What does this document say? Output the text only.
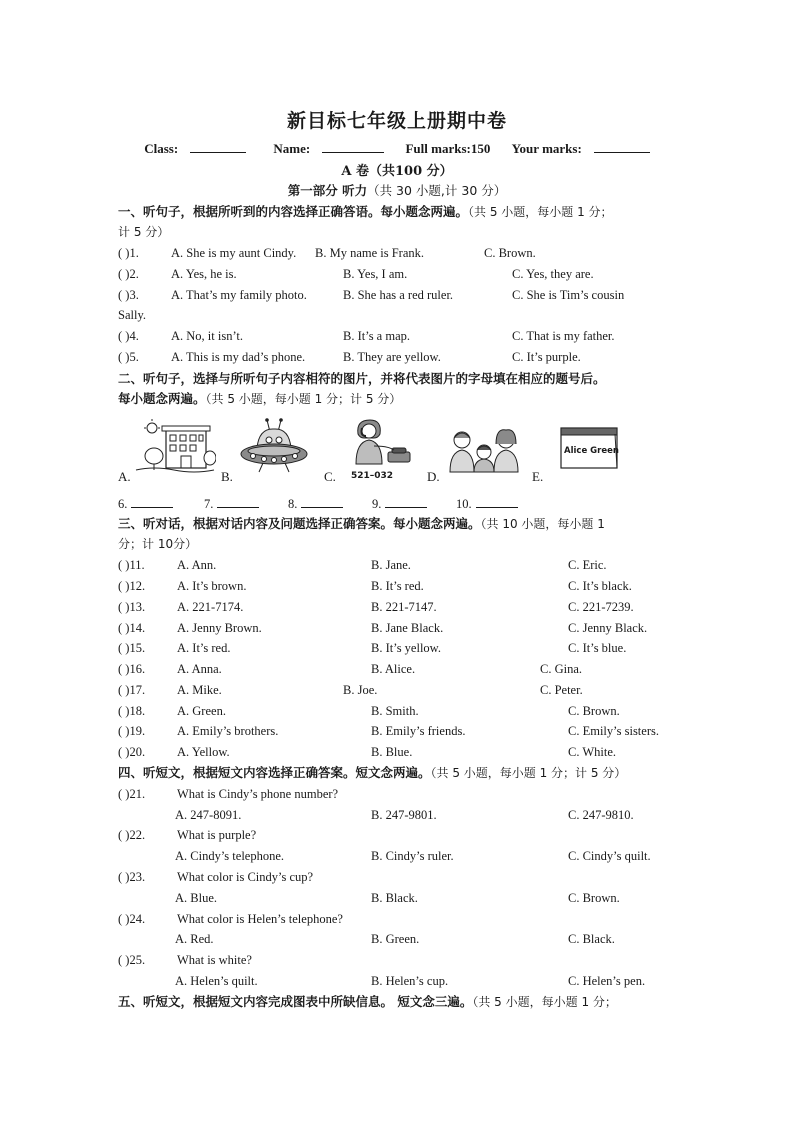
新目标七年级上册期中卷
Class:	Name:	Full marks:150 Your marks:
A 卷（共100 分）
第一部分 听力（共 30 小题,计 30 分）
一、听句子，根据所听到的内容选择正确答语。每小题念两遍。（共 5 小题，每小题 1 分；
计 5 分）
( )1.	A. She is my aunt Cindy. B. My name is Frank.	C. Brown.
( )2.	A. Yes, he is.	B. Yes, I am.	C. Yes, they are.
( )3.	A. That’s my family photo.	B. She has a red ruler.	C. She is Tim’s cousin
Sally.
( )4.	A. No, it isn’t.	B. It’s a map.	C. That is my father.
( )5.	A. This is my dad’s phone.	B. They are yellow.	C. It’s purple.
二、听句子，选择与所听句子内容相符的图片，并将代表图片的字母填在相应的题号后。
每小题念两遍。（共 5 小题，每小题 1 分；计 5 分）
A.	B.	C. 521–032	D.	E.
Alice Green
6.	7.	8.	9.	10.
三、听对话，根据对话内容及问题选择正确答案。每小题念两遍。（共 10 小题，每小题 1
分；计 10分）
( )11.	A. Ann.	B. Jane.	C. Eric.
( )12.	A. It’s brown.	B. It’s red.	C. It’s black.
( )13.	A. 221-7174.	B. 221-7147.	C. 221-7239.
( )14.	A. Jenny Brown.	B. Jane Black.	C. Jenny Black.
( )15.	A. It’s red.	B. It’s yellow.	C. It’s blue.
( )16.	A. Anna.	B. Alice.	C. Gina.
( )17.	A. Mike.	B. Joe.	C. Peter.
( )18.	A. Green.	B. Smith.	C. Brown.
( )19.	A. Emily’s brothers.	B. Emily’s friends.	C. Emily’s sisters.
( )20.	A. Yellow.	B. Blue.	C. White.
四、听短文，根据短文内容选择正确答案。短文念两遍。（共 5 小题，每小题 1 分；计 5 分）
( )21.	What is Cindy’s phone number?
A. 247-8091.	B. 247-9801.	C. 247-9810.
( )22.	What is purple?
A. Cindy’s telephone.	B. Cindy’s ruler.	C. Cindy’s quilt.
( )23.	What color is Cindy’s cup?
A. Blue.	B. Black.	C. Brown.
( )24.	What color is Helen’s telephone?
A. Red.	B. Green.	C. Black.
( )25.	What is white?
A. Helen’s quilt.	B. Helen’s cup.	C. Helen’s pen.
五、听短文，根据短文内容完成图表中所缺信息。 短文念三遍。（共 5 小题，每小题 1 分；
